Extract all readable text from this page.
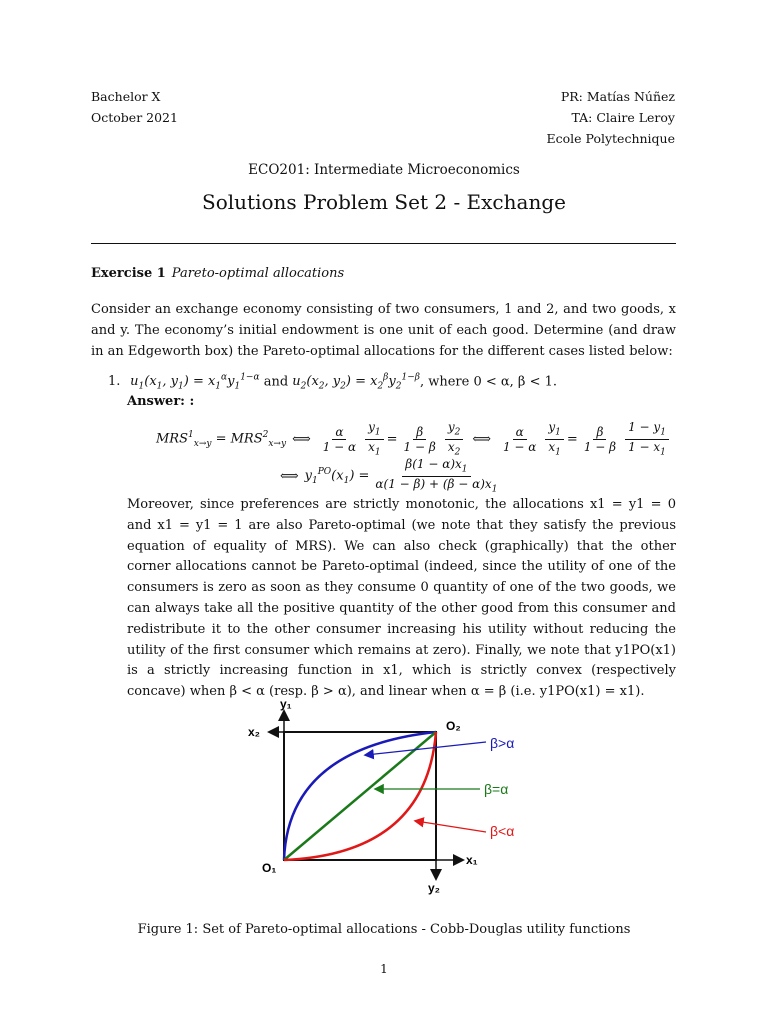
Bachelor X
October 2021
PR: Matías Núñez
TA: Claire Leroy
Ecole Polytechnique
ECO201: Intermediate Microeconomics
Solutions Problem Set 2 - Exchange
Exercise 1 Pareto-optimal allocations
Consider an exchange economy consisting of two consumers, 1 and 2, and two goods, x and y. The economy’s initial endowment is one unit of each good. Determine (and draw in an Edgeworth box) the Pareto-optimal allocations for the different cases listed below:
1. $u_1(x_1$, $y_1) = x_1^\alpha y_1^{1-\alpha}$ and $u_2(x_2$, $y_2) = x_2^\beta y_2^{1-\beta}$, where 0 < α, β < 1.
Answer: :
$MRS^1_{x\to y} = MRS^2_{x\to y}$ ⟺ $\frac{\alpha}{1 - \alpha} \frac{y_1}{x_1} = \frac{\beta}{1 - \beta} \frac{y_2}{x_2}$ ⟺ $\frac{\alpha}{1 - \alpha} \frac{y_1}{x_1} = \frac{\beta}{1 - \beta} \frac{1 - y_1}{1 - x_1}$
⟺ $y_1^{PO}(x_1) = \frac{\beta(1 - \alpha)x_1}{\alpha(1 - \beta) + (\beta - \alpha)x_1}$
Moreover, since preferences are strictly monotonic, the allocations x1 = y1 = 0 and x1 = y1 = 1 are also Pareto-optimal (we note that they satisfy the previous equation of equality of MRS). We can also check (graphically) that the other corner allocations cannot be Pareto-optimal (indeed, since the utility of one of the consumers is zero as soon as they consume 0 quantity of one of the two goods, we can always take all the positive quantity of the other good from this consumer and redistribute it to the other consumer increasing his utility without reducing the utility of the first consumer which remains at zero). Finally, we note that y1PO(x1) is a strictly increasing function in x1, which is strictly convex (respectively concave) when β < α (resp. β > α), and linear when α = β (i.e. y1PO(x1) = x1).
y₁
x₂	O₂
O₁
x₁
y₂
β>α
β=α
β<α
Figure 1: Set of Pareto-optimal allocations - Cobb-Douglas utility functions
1
